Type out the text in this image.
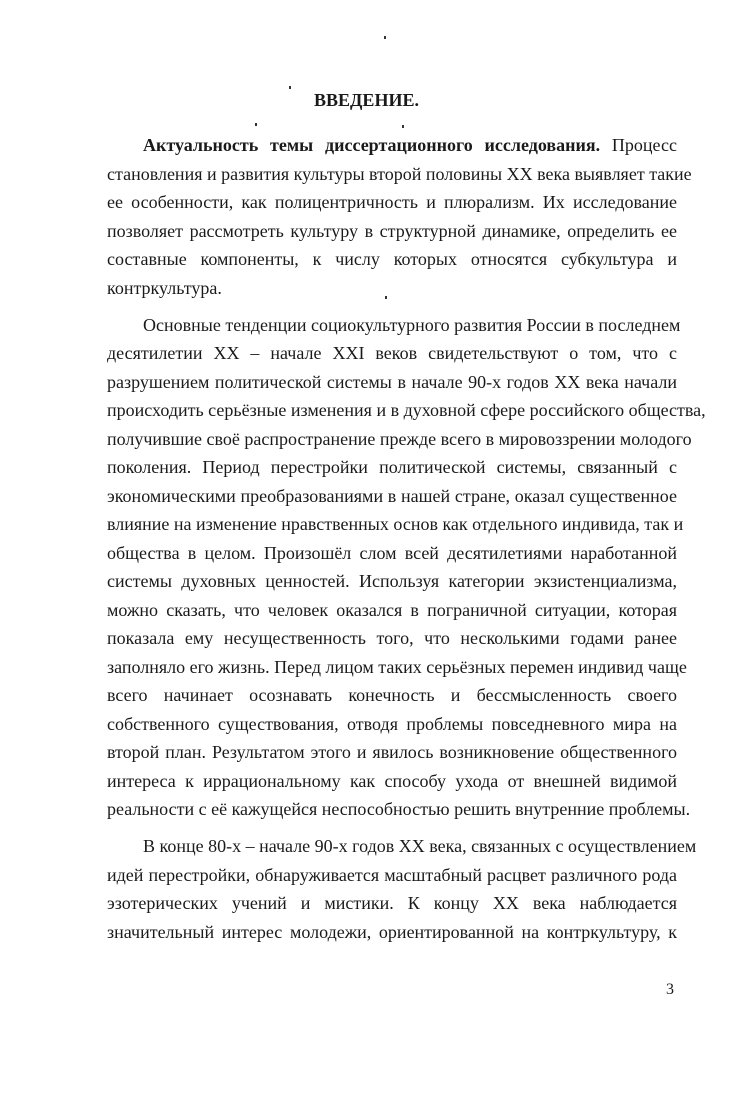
ВВЕДЕНИЕ.
Актуальность темы диссертационного исследования. Процесс
становления и развития культуры второй половины XX века выявляет такие
ее особенности, как полицентричность и плюрализм. Их исследование
позволяет рассмотреть культуру в структурной динамике, определить ее
составные компоненты, к числу которых относятся субкультура и
контркультура.
Основные тенденции социокультурного развития России в последнем
десятилетии XX – начале XXI веков свидетельствуют о том, что с
разрушением политической системы в начале 90-х годов XX века начали
происходить серьёзные изменения и в духовной сфере российского общества,
получившие своё распространение прежде всего в мировоззрении молодого
поколения. Период перестройки политической системы, связанный с
экономическими преобразованиями в нашей стране, оказал существенное
влияние на изменение нравственных основ как отдельного индивида, так и
общества в целом. Произошёл слом всей десятилетиями наработанной
системы духовных ценностей. Используя категории экзистенциализма,
можно сказать, что человек оказался в пограничной ситуации, которая
показала ему несущественность того, что несколькими годами ранее
заполняло его жизнь. Перед лицом таких серьёзных перемен индивид чаще
всего начинает осознавать конечность и бессмысленность своего
собственного существования, отводя проблемы повседневного мира на
второй план. Результатом этого и явилось возникновение общественного
интереса к иррациональному как способу ухода от внешней видимой
реальности с её кажущейся неспособностью решить внутренние проблемы.
В конце 80-х – начале 90-х годов XX века, связанных с осуществлением
идей перестройки, обнаруживается масштабный расцвет различного рода
эзотерических учений и мистики. К концу XX века наблюдается
значительный интерес молодежи, ориентированной на контркультуру, к
3
